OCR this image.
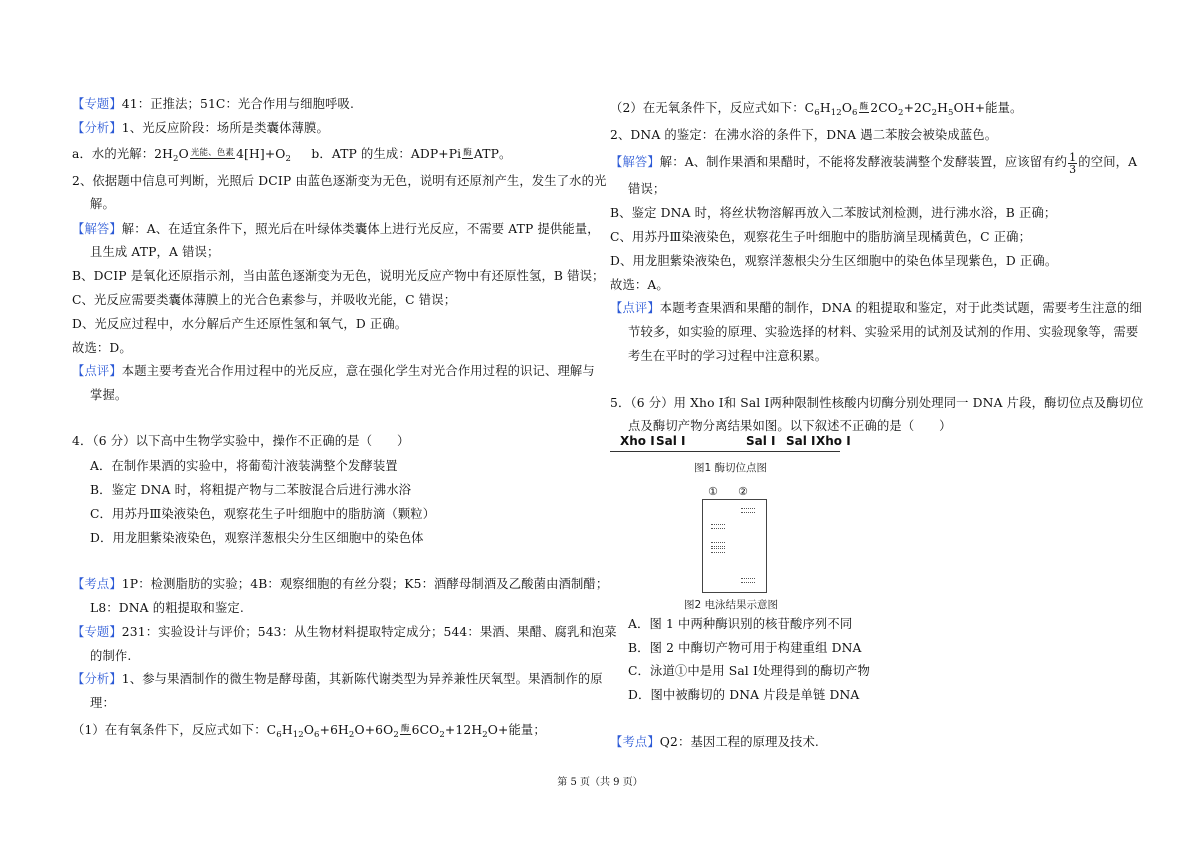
【专题】41：正推法；51C：光合作用与细胞呼吸.
【分析】1、光反应阶段：场所是类囊体薄膜。
a．水的光解：$2H_2O$ 光能、色素 $4[H]+O_2$     b．ATP 的生成：ADP+Pi 酶 ATP。
2、依据题中信息可判断，光照后 DCIP 由蓝色逐渐变为无色，说明有还原剂产生，发生了水的光
解。
【解答】解：A、在适宜条件下，照光后在叶绿体类囊体上进行光反应，不需要 ATP 提供能量，
且生成 ATP，A 错误；
B、DCIP 是氧化还原指示剂，当由蓝色逐渐变为无色，说明光反应产物中有还原性氢，B 错误；
C、光反应需要类囊体薄膜上的光合色素参与，并吸收光能，C 错误；
D、光反应过程中，水分解后产生还原性氢和氧气，D 正确。
故选：D。
【点评】本题主要考查光合作用过程中的光反应，意在强化学生对光合作用过程的识记、理解与
掌握。
4．（6 分）以下高中生物学实验中，操作不正确的是（　　）
A．在制作果酒的实验中，将葡萄汁液装满整个发酵装置
B．鉴定 DNA 时，将粗提产物与二苯胺混合后进行沸水浴
C．用苏丹Ⅲ染液染色，观察花生子叶细胞中的脂肪滴（颗粒）
D．用龙胆紫染液染色，观察洋葱根尖分生区细胞中的染色体
【考点】1P：检测脂肪的实验；4B：观察细胞的有丝分裂；K5：酒酵母制酒及乙酸菌由酒制醋；
L8：DNA 的粗提取和鉴定.
【专题】231：实验设计与评价；543：从生物材料提取特定成分；544：果酒、果醋、腐乳和泡菜
的制作.
【分析】1、参与果酒制作的微生物是酵母菌，其新陈代谢类型为异养兼性厌氧型。果酒制作的原
理：
（1）在有氧条件下，反应式如下：$C_6H_{12}O_6+6H_2O+6O_2$酶 $6CO_2+12H_2O+$能量；
（2）在无氧条件下，反应式如下：$C_6H_{12}O_6$酶 $2CO_2+2C_2H_5OH+$能量。
2、DNA 的鉴定：在沸水浴的条件下，DNA 遇二苯胺会被染成蓝色。
【解答】解：A、制作果酒和果醋时，不能将发酵液装满整个发酵装置，应该留有约 $\frac{1}{3}$ 的空间，A
错误；
B、鉴定 DNA 时，将丝状物溶解再放入二苯胺试剂检测，进行沸水浴，B 正确；
C、用苏丹Ⅲ染液染色，观察花生子叶细胞中的脂肪滴呈现橘黄色，C 正确；
D、用龙胆紫染液染色，观察洋葱根尖分生区细胞中的染色体呈现紫色，D 正确。
故选：A。
【点评】本题考查果酒和果醋的制作，DNA 的粗提取和鉴定，对于此类试题，需要考生注意的细
节较多，如实验的原理、实验选择的材料、实验采用的试剂及试剂的作用、实验现象等，需要
考生在平时的学习过程中注意积累。
5．（6 分）用 Xho Ⅰ和 Sal Ⅰ两种限制性核酸内切酶分别处理同一 DNA 片段，酶切位点及酶切位
点及酶切产物分离结果如图。以下叙述不正确的是（　　）
Xho Ⅰ Sal Ⅰ	Sal Ⅰ Sal Ⅰ Xho Ⅰ
图1 酶切位点图
① ②
图2 电泳结果示意图
A．图 1 中两种酶识别的核苷酸序列不同
B．图 2 中酶切产物可用于构建重组 DNA
C．泳道①中是用 Sal Ⅰ处理得到的酶切产物
D．图中被酶切的 DNA 片段是单链 DNA
【考点】Q2：基因工程的原理及技术.
第 5 页（共 9 页）
